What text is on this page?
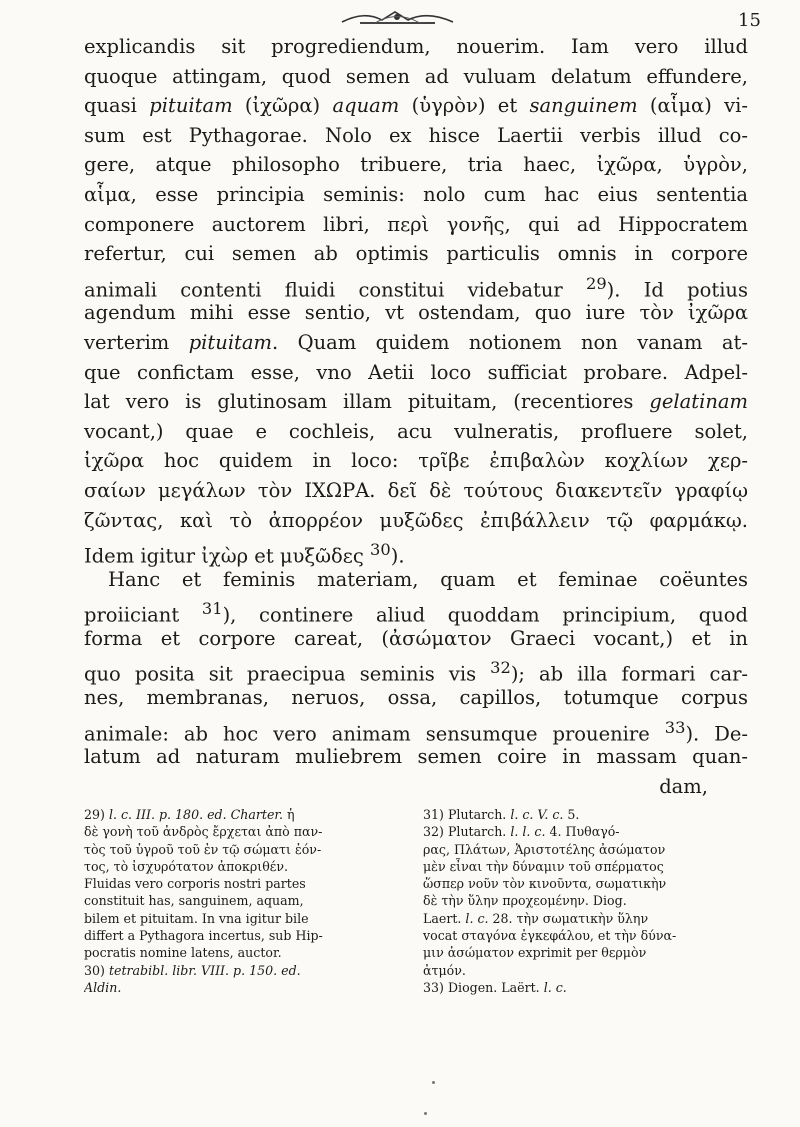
15
explicandis sit progrediendum, nouerim. Iam vero illud
quoque attingam, quod semen ad vuluam delatum effundere,
quasi pituitam (ἰχῶρα) aquam (ὑγρὸν) et sanguinem (αἷμα) vi-
sum est Pythagorae. Nolo ex hisce Laertii verbis illud co-
gere, atque philosopho tribuere, tria haec, ἰχῶρα, ὑγρὸν,
αἷμα, esse principia seminis: nolo cum hac eius sententia
componere auctorem libri, περὶ γονῆς, qui ad Hippocratem
refertur, cui semen ab optimis particulis omnis in corpore
animali contenti fluidi constitui videbatur $^{29}$). Id potius
agendum mihi esse sentio, vt ostendam, quo iure τὸν ἰχῶρα
verterim pituitam. Quam quidem notionem non vanam at-
que confictam esse, vno Aetii loco sufficiat probare. Adpel-
lat vero is glutinosam illam pituitam, (recentiores gelatinam
vocant,) quae e cochleis, acu vulneratis, profluere solet,
ἰχῶρα hoc quidem in loco: τρῖβε ἐπιβαλὼν κοχλίων χερ-
σαίων μεγάλων τὸν ΙΧΩΡΑ. δεῖ δὲ τούτους διακεντεῖν γραφίῳ
ζῶντας, καὶ τὸ ἀπορρέον μυξῶδες ἐπιβάλλειν τῷ φαρμάκῳ.
Idem igitur ἰχὼρ et μυξῶδες $^{30}$).
Hanc et feminis materiam, quam et feminae coëuntes
proiiciant $^{31}$), continere aliud quoddam principium, quod
forma et corpore careat, (ἀσώματον Graeci vocant,) et in
quo posita sit praecipua seminis vis $^{32}$); ab illa formari car-
nes, membranas, neruos, ossa, capillos, totumque corpus
animale: ab hoc vero animam sensumque prouenire $^{33}$). De-
latum ad naturam muliebrem semen coire in massam quan-
dam,
29) l. c. III. p. 180. ed. Charter. ἡ
δὲ γονὴ τοῦ ἀνδρὸς ἔρχεται ἀπὸ παν-
τὸς τοῦ ὑγροῦ τοῦ ἐν τῷ σώματι ἐόν-
τος, τὸ ἰσχυρότατον ἀποκριθέν.
Fluidas vero corporis nostri partes
constituit has, sanguinem, aquam,
bilem et pituitam. In vna igitur bile
differt a Pythagora incertus, sub Hip-
pocratis nomine latens, auctor.
30) tetrabibl. libr. VIII. p. 150. ed.
Aldin.
31) Plutarch. l. c. V. c. 5.
32) Plutarch. l. l. c. 4. Πυθαγό-
ρας, Πλάτων, Ἀριστοτέλης ἀσώματον
μὲν εἶναι τὴν δύναμιν τοῦ σπέρματος
ὥσπερ νοῦν τὸν κινοῦντα, σωματικὴν
δὲ τὴν ὕλην προχεομένην. Diog.
Laert. l. c. 28. τὴν σωματικὴν ὕλην
vocat σταγόνα ἐγκεφάλου, et τὴν δύνα-
μιν ἀσώματον exprimit per θερμὸν
ἀτμόν.
33) Diogen. Laërt. l. c.
